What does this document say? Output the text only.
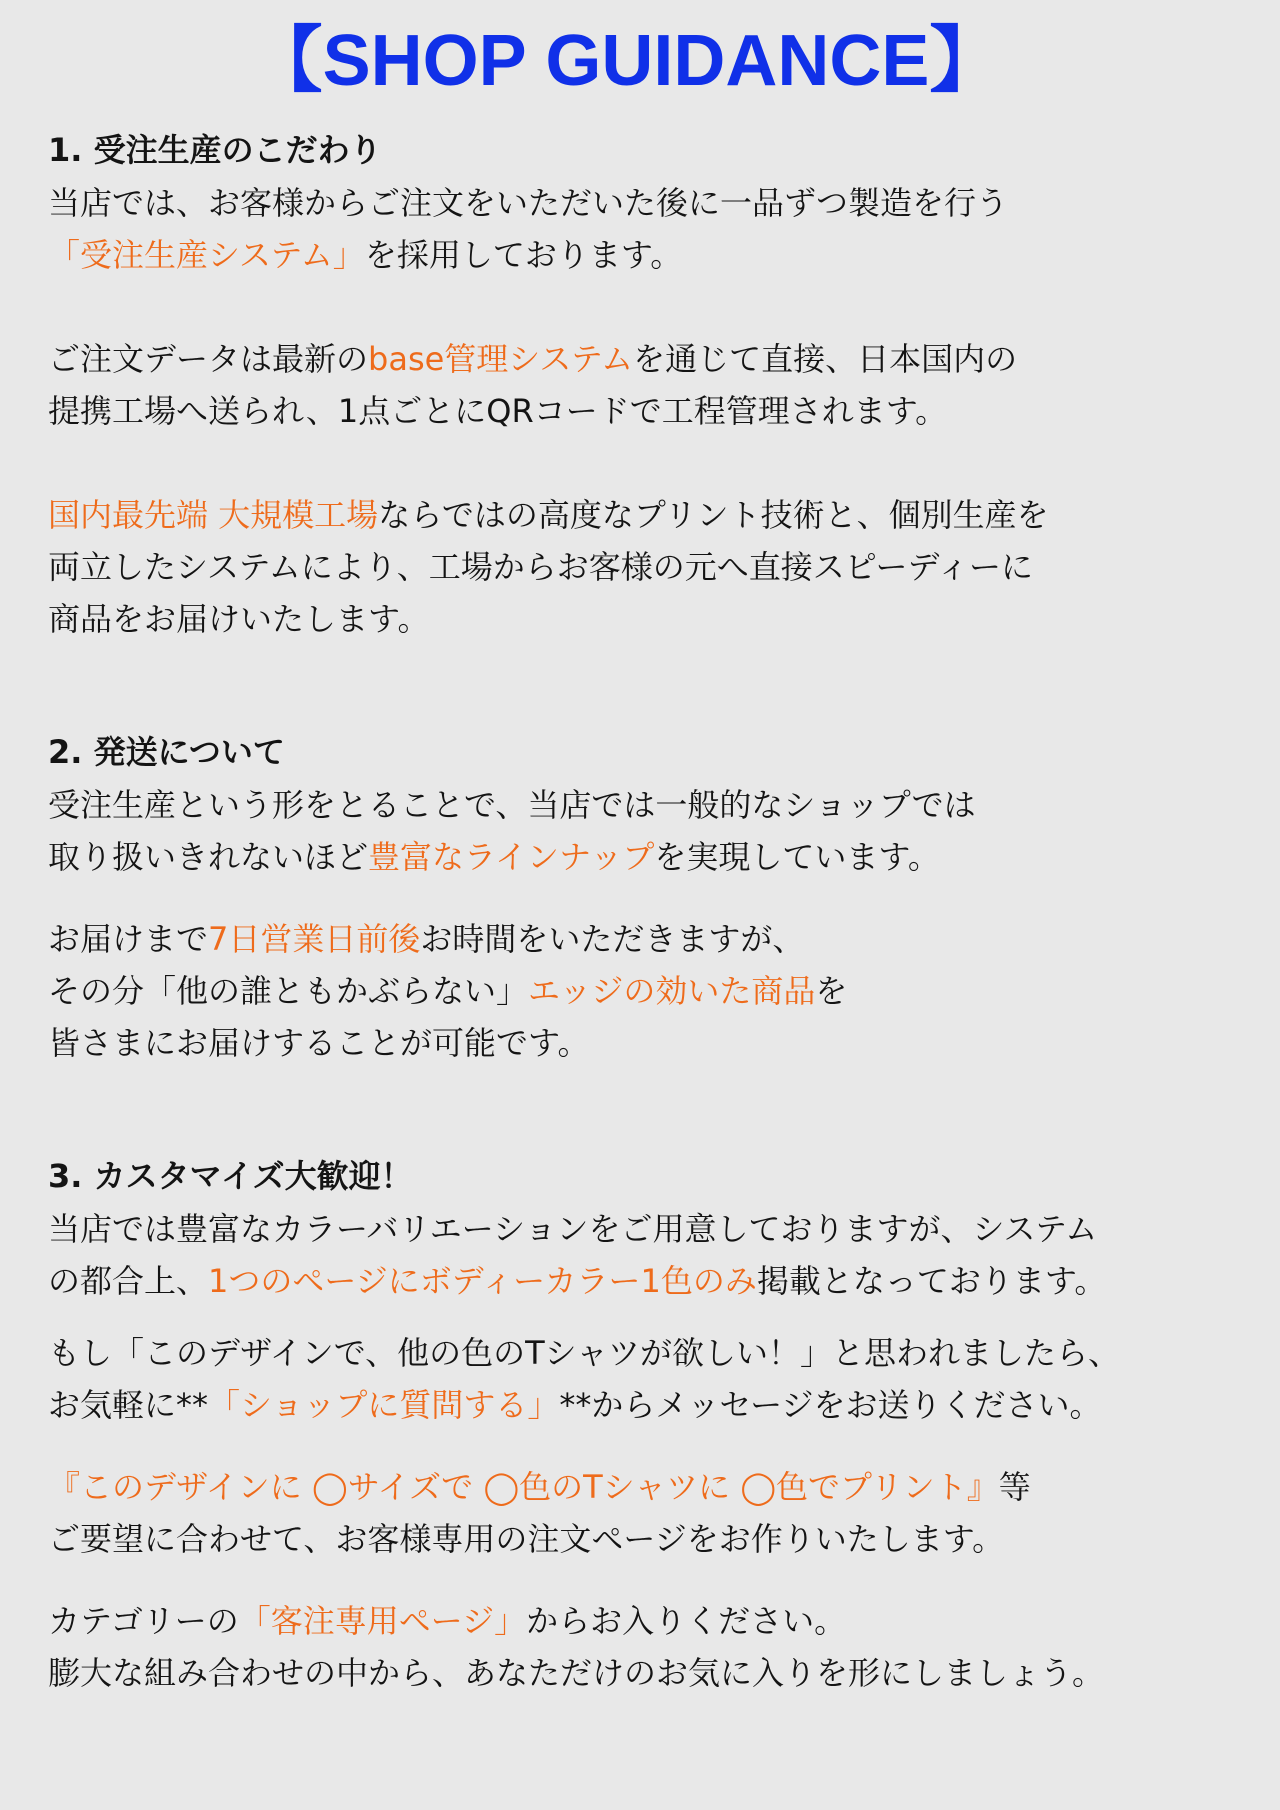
【SHOP GUIDANCE】
1. 受注生産のこだわり

当店では、お客様からご注文をいただいた後に一品ずつ製造を行う
「受注生産システム」を採用しております。

ご注文データは最新のbase管理システムを通じて直接、日本国内の
提携工場へ送られ、1点ごとにQRコードで工程管理されます。

国内最先端 大規模工場ならではの高度なプリント技術と、個別生産を
両立したシステムにより、工場からお客様の元へ直接スピーディーに
商品をお届けいたします。

2. 発送について

受注生産という形をとることで、当店では一般的なショップでは
取り扱いきれないほど豊富なラインナップを実現しています。

お届けまで7日営業日前後お時間をいただきますが、
その分「他の誰ともかぶらない」エッジの効いた商品を
皆さまにお届けすることが可能です。

3. カスタマイズ大歓迎！

当店では豊富なカラーバリエーションをご用意しておりますが、システム
の都合上、1つのページにボディーカラー1色のみ掲載となっております。

もし「このデザインで、他の色のTシャツが欲しい！」と思われましたら、
お気軽に**「ショップに質問する」**からメッセージをお送りください。

『このデザインに ◯サイズで ◯色のTシャツに ◯色でプリント』等
ご要望に合わせて、お客様専用の注文ページをお作りいたします。

カテゴリーの「客注専用ページ」からお入りください。
膨大な組み合わせの中から、あなただけのお気に入りを形にしましょう。
